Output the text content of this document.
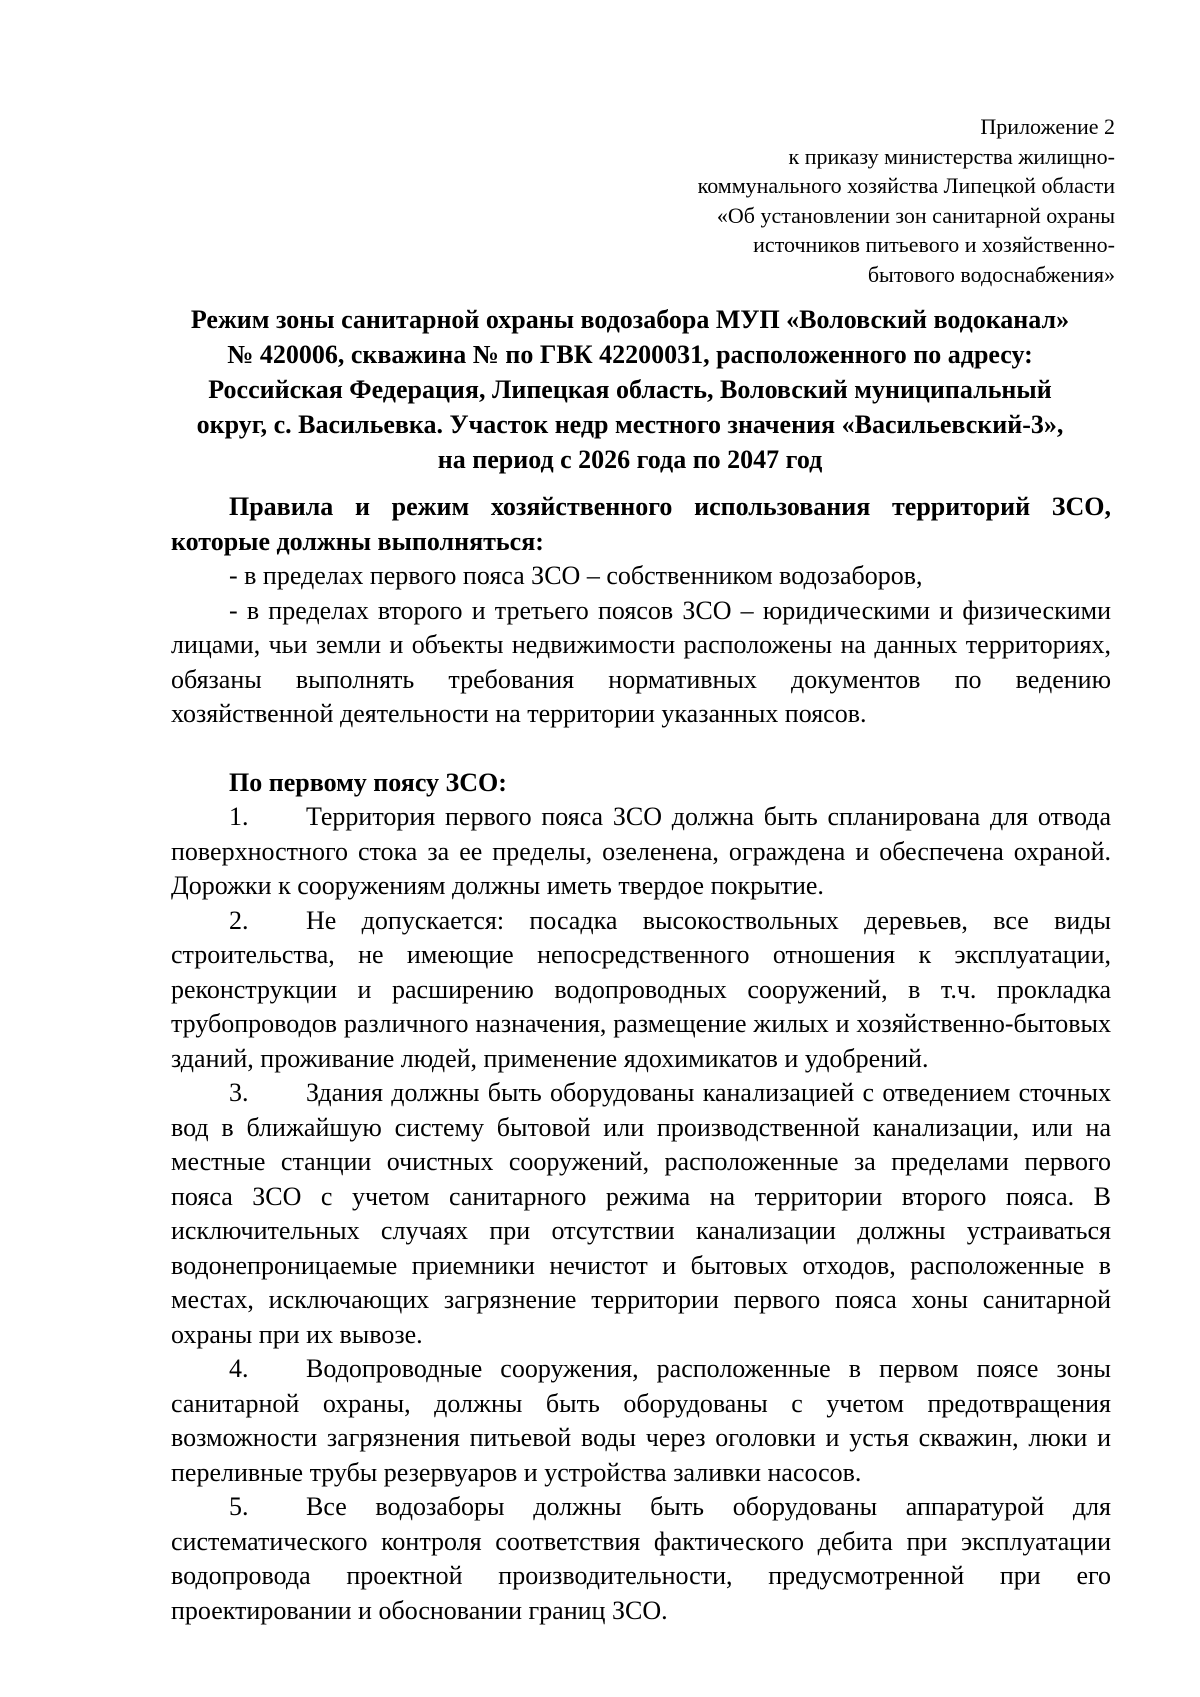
Приложение 2
к приказу министерства жилищно-
коммунального хозяйства Липецкой области
«Об установлении зон санитарной охраны
источников питьевого и хозяйственно-
бытового водоснабжения»
Режим зоны санитарной охраны водозабора МУП «Воловский водоканал»
№ 420006, скважина № по ГВК 42200031, расположенного по адресу:
Российская Федерация, Липецкая область, Воловский муниципальный
округ, с. Васильевка. Участок недр местного значения «Васильевский-3»,
на период с 2026 года по 2047 год

Правила и режим хозяйственного использования территорий ЗСО, которые должны выполняться:

- в пределах первого пояса ЗСО – собственником водозаборов,

- в пределах второго и третьего поясов ЗСО – юридическими и физическими лицами, чьи земли и объекты недвижимости расположены на данных территориях, обязаны выполнять требования нормативных документов по ведению хозяйственной деятельности на территории указанных поясов.

По первому поясу ЗСО:

1. Территория первого пояса ЗСО должна быть спланирована для отвода поверхностного стока за ее пределы, озеленена, ограждена и обеспечена охраной. Дорожки к сооружениям должны иметь твердое покрытие.

2. Не допускается: посадка высокоствольных деревьев, все виды строительства, не имеющие непосредственного отношения к эксплуатации, реконструкции и расширению водопроводных сооружений, в т.ч. прокладка трубопроводов различного назначения, размещение жилых и хозяйственно-бытовых зданий, проживание людей, применение ядохимикатов и удобрений.

3. Здания должны быть оборудованы канализацией с отведением сточных вод в ближайшую систему бытовой или производственной канализации, или на местные станции очистных сооружений, расположенные за пределами первого пояса ЗСО с учетом санитарного режима на территории второго пояса. В исключительных случаях при отсутствии канализации должны устраиваться водонепроницаемые приемники нечистот и бытовых отходов, расположенные в местах, исключающих загрязнение территории первого пояса хоны санитарной охраны при их вывозе.

4. Водопроводные сооружения, расположенные в первом поясе зоны санитарной охраны, должны быть оборудованы с учетом предотвращения возможности загрязнения питьевой воды через оголовки и устья скважин, люки и переливные трубы резервуаров и устройства заливки насосов.

5. Все водозаборы должны быть оборудованы аппаратурой для систематического контроля соответствия фактического дебита при эксплуатации водопровода проектной производительности, предусмотренной при его проектировании и обосновании границ ЗСО.
